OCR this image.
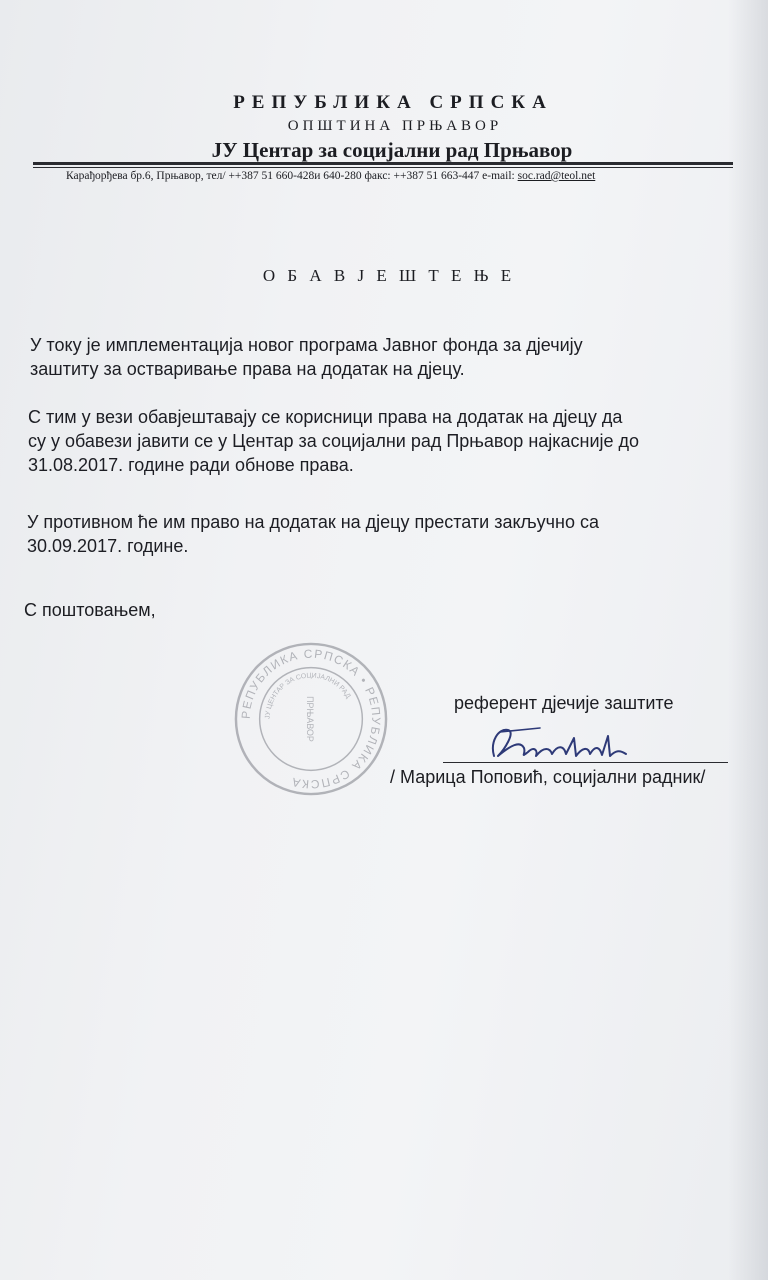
РЕПУБЛИКА СРПСКА
ОПШТИНА ПРЊАВОР
ЈУ Центар за социјални рад Прњавор
Карађорђева бр.6, Прњавор, тел/ ++387 51 660-428и 640-280 факс: ++387 51 663-447 e-mail: soc.rad@teol.net
О Б А В Ј Е Ш Т Е Њ Е
У току је имплементација новог програма Јавног фонда за дјечију
заштиту за остваривање права на додатак на дјецу.
С тим у вези обавјештавају се корисници права на додатак на дјецу да
су у обавези јавити се у Центар за социјални рад Прњавор најкасније до
31.08.2017. године ради обнове права.
У противном ће им право на додатак на дјецу престати закључно са
30.09.2017. године.
С поштовањем,
РЕПУБЛИКА СРПСКА • РЕПУБЛИКА СРПСКА
ЈУ ЦЕНТАР ЗА СОЦИЈАЛНИ РАД
ПРЊАВОР	референт дјечије заштите
/ Марица Поповић, социјални радник/
